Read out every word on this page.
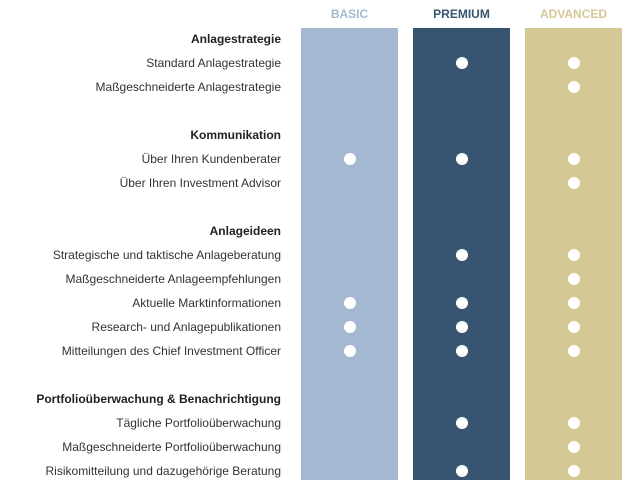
BASIC	PREMIUM	ADVANCED
Anlagestrategie
Standard Anlagestrategie
Maßgeschneiderte Anlagestrategie
Kommunikation
Über Ihren Kundenberater
Über Ihren Investment Advisor
Anlageideen
Strategische und taktische Anlageberatung
Maßgeschneiderte Anlageempfehlungen
Aktuelle Marktinformationen
Research- und Anlagepublikationen
Mitteilungen des Chief Investment Officer
Portfolioüberwachung & Benachrichtigung
Tägliche Portfolioüberwachung
Maßgeschneiderte Portfolioüberwachung
Risikomitteilung und dazugehörige Beratung
